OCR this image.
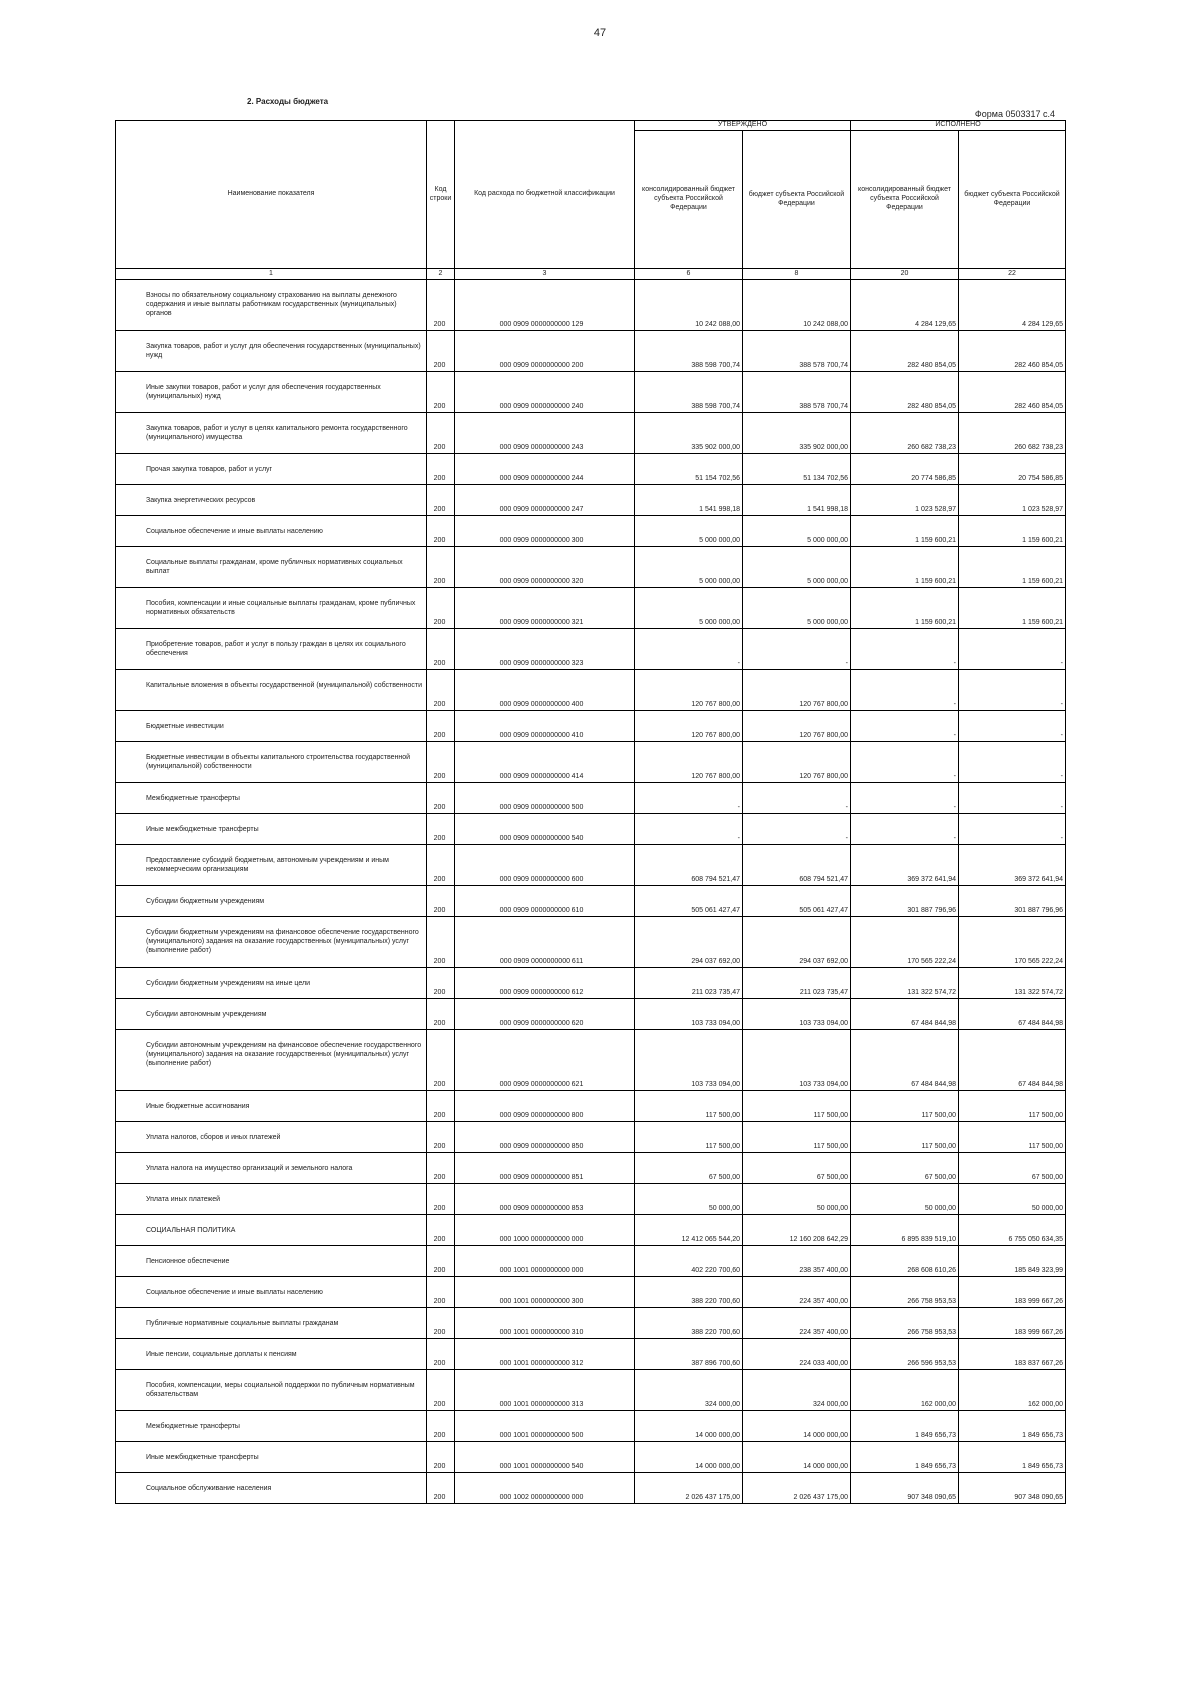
47
2. Расходы бюджета
Форма 0503317 с.4
Наименование показателя	Код строки	Код расхода по бюджетной классификации	УТВЕРЖДЕНО		ИСПОЛНЕНО	
			консолидированный бюджет субъекта Российской Федерации	бюджет субъекта Российской Федерации	консолидированный бюджет субъекта Российской Федерации	бюджет субъекта Российской Федерации
1	2	3	6	8	20	22
Взносы по обязательному социальному страхованию на выплаты денежного содержания и иные выплаты работникам государственных (муниципальных) органов	200	000 0909 0000000000 129	10 242 088,00	10 242 088,00	4 284 129,65	4 284 129,65
Закупка товаров, работ и услуг для обеспечения государственных (муниципальных) нужд	200	000 0909 0000000000 200	388 598 700,74	388 578 700,74	282 480 854,05	282 460 854,05
Иные закупки товаров, работ и услуг для обеспечения государственных (муниципальных) нужд	200	000 0909 0000000000 240	388 598 700,74	388 578 700,74	282 480 854,05	282 460 854,05
Закупка товаров, работ и услуг в целях капитального ремонта государственного (муниципального) имущества	200	000 0909 0000000000 243	335 902 000,00	335 902 000,00	260 682 738,23	260 682 738,23
Прочая закупка товаров, работ и услуг	200	000 0909 0000000000 244	51 154 702,56	51 134 702,56	20 774 586,85	20 754 586,85
Закупка энергетических ресурсов	200	000 0909 0000000000 247	1 541 998,18	1 541 998,18	1 023 528,97	1 023 528,97
Социальное обеспечение и иные выплаты населению	200	000 0909 0000000000 300	5 000 000,00	5 000 000,00	1 159 600,21	1 159 600,21
Социальные выплаты гражданам, кроме публичных нормативных социальных выплат	200	000 0909 0000000000 320	5 000 000,00	5 000 000,00	1 159 600,21	1 159 600,21
Пособия, компенсации и иные социальные выплаты гражданам, кроме публичных нормативных обязательств	200	000 0909 0000000000 321	5 000 000,00	5 000 000,00	1 159 600,21	1 159 600,21
Приобретение товаров, работ и услуг в пользу граждан в целях их социального обеспечения	200	000 0909 0000000000 323	-	-	-	-
Капитальные вложения в объекты государственной (муниципальной) собственности	200	000 0909 0000000000 400	120 767 800,00	120 767 800,00	-	-
Бюджетные инвестиции	200	000 0909 0000000000 410	120 767 800,00	120 767 800,00	-	-
Бюджетные инвестиции в объекты капитального строительства государственной (муниципальной) собственности	200	000 0909 0000000000 414	120 767 800,00	120 767 800,00	-	-
Межбюджетные трансферты	200	000 0909 0000000000 500	-	-	-	-
Иные межбюджетные трансферты	200	000 0909 0000000000 540	-	-	-	-
Предоставление субсидий бюджетным, автономным учреждениям и иным некоммерческим организациям	200	000 0909 0000000000 600	608 794 521,47	608 794 521,47	369 372 641,94	369 372 641,94
Субсидии бюджетным учреждениям	200	000 0909 0000000000 610	505 061 427,47	505 061 427,47	301 887 796,96	301 887 796,96
Субсидии бюджетным учреждениям на финансовое обеспечение государственного (муниципального) задания на оказание государственных (муниципальных) услуг (выполнение работ)	200	000 0909 0000000000 611	294 037 692,00	294 037 692,00	170 565 222,24	170 565 222,24
Субсидии бюджетным учреждениям на иные цели	200	000 0909 0000000000 612	211 023 735,47	211 023 735,47	131 322 574,72	131 322 574,72
Субсидии автономным учреждениям	200	000 0909 0000000000 620	103 733 094,00	103 733 094,00	67 484 844,98	67 484 844,98
Субсидии автономным учреждениям на финансовое обеспечение государственного (муниципального) задания на оказание государственных (муниципальных) услуг (выполнение работ)	200	000 0909 0000000000 621	103 733 094,00	103 733 094,00	67 484 844,98	67 484 844,98
Иные бюджетные ассигнования	200	000 0909 0000000000 800	117 500,00	117 500,00	117 500,00	117 500,00
Уплата налогов, сборов и иных платежей	200	000 0909 0000000000 850	117 500,00	117 500,00	117 500,00	117 500,00
Уплата налога на имущество организаций и земельного налога	200	000 0909 0000000000 851	67 500,00	67 500,00	67 500,00	67 500,00
Уплата иных платежей	200	000 0909 0000000000 853	50 000,00	50 000,00	50 000,00	50 000,00
СОЦИАЛЬНАЯ ПОЛИТИКА	200	000 1000 0000000000 000	12 412 065 544,20	12 160 208 642,29	6 895 839 519,10	6 755 050 634,35
Пенсионное обеспечение	200	000 1001 0000000000 000	402 220 700,60	238 357 400,00	268 608 610,26	185 849 323,99
Социальное обеспечение и иные выплаты населению	200	000 1001 0000000000 300	388 220 700,60	224 357 400,00	266 758 953,53	183 999 667,26
Публичные нормативные социальные выплаты гражданам	200	000 1001 0000000000 310	388 220 700,60	224 357 400,00	266 758 953,53	183 999 667,26
Иные пенсии, социальные доплаты к пенсиям	200	000 1001 0000000000 312	387 896 700,60	224 033 400,00	266 596 953,53	183 837 667,26
Пособия, компенсации, меры социальной поддержки по публичным нормативным обязательствам	200	000 1001 0000000000 313	324 000,00	324 000,00	162 000,00	162 000,00
Межбюджетные трансферты	200	000 1001 0000000000 500	14 000 000,00	14 000 000,00	1 849 656,73	1 849 656,73
Иные межбюджетные трансферты	200	000 1001 0000000000 540	14 000 000,00	14 000 000,00	1 849 656,73	1 849 656,73
Социальное обслуживание населения	200	000 1002 0000000000 000	2 026 437 175,00	2 026 437 175,00	907 348 090,65	907 348 090,65
